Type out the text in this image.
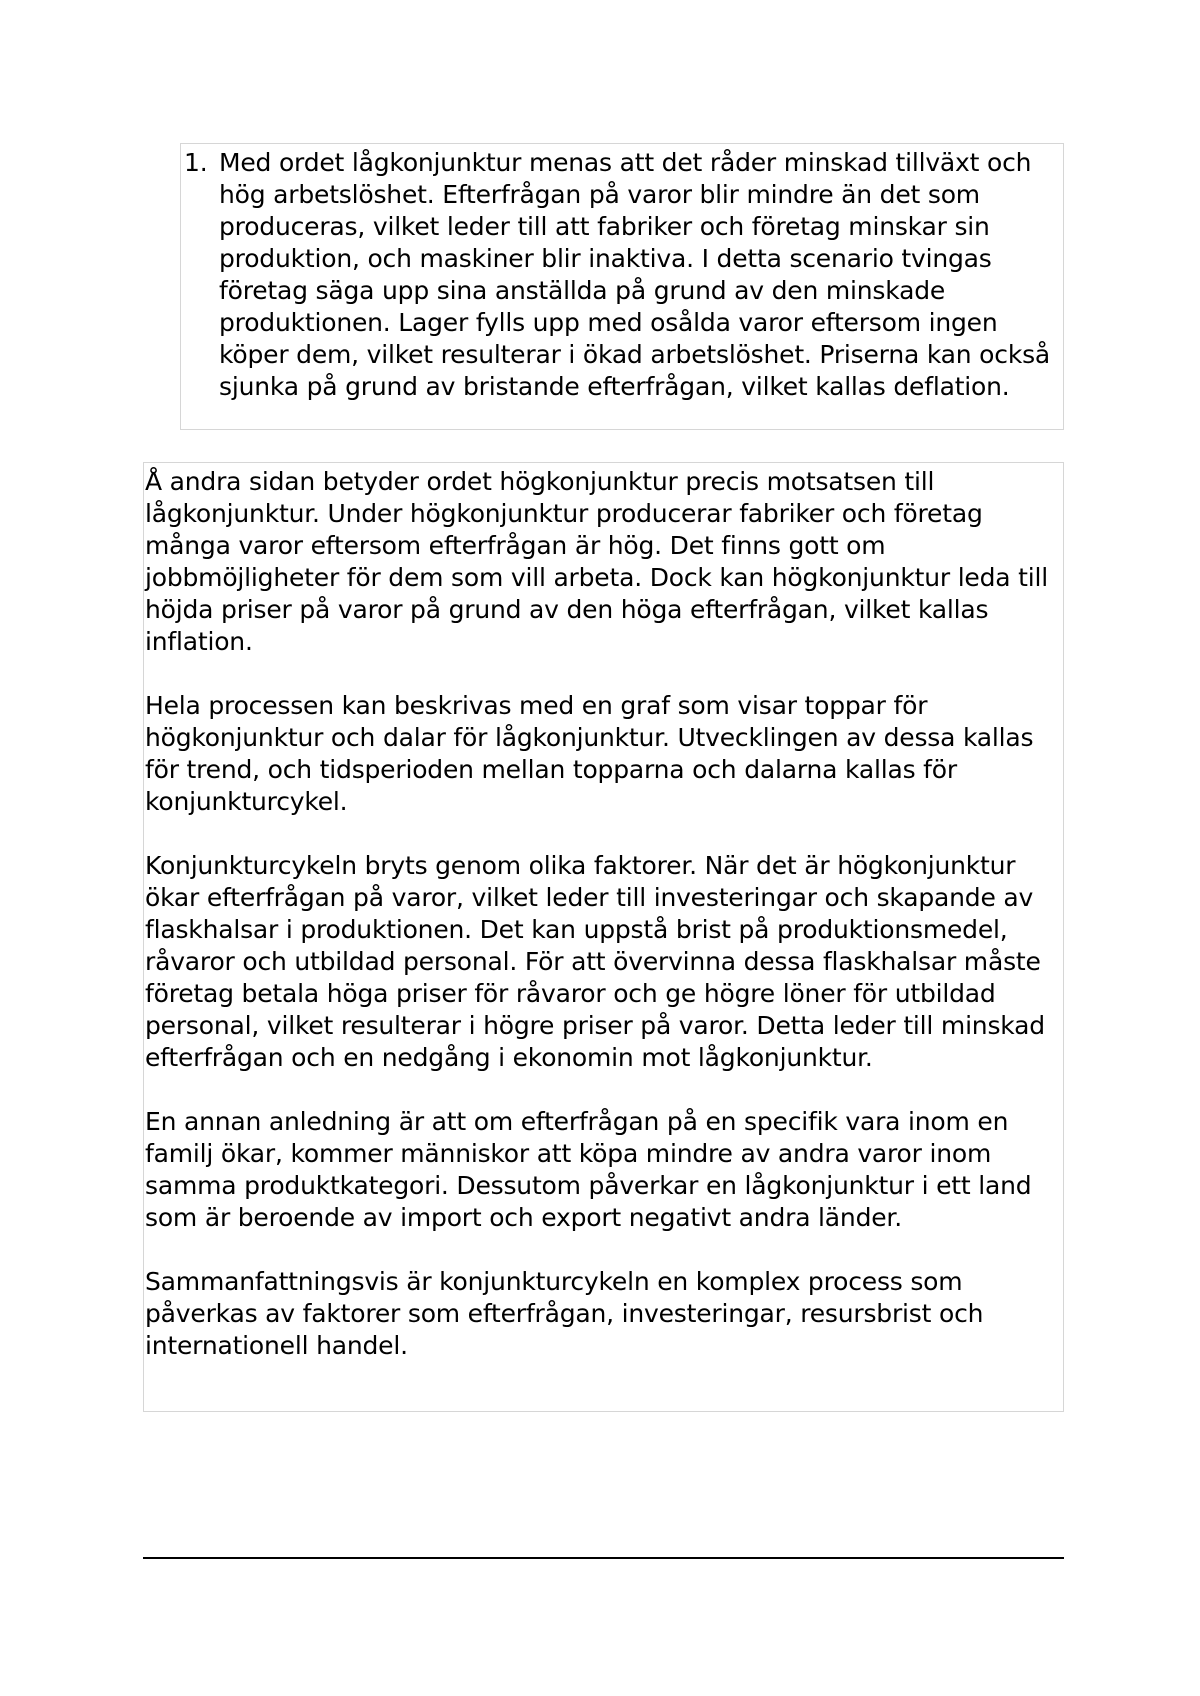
1. Med ordet lågkonjunktur menas att det råder minskad tillväxt och hög arbetslöshet. Efterfrågan på varor blir mindre än det som produceras, vilket leder till att fabriker och företag minskar sin produktion, och maskiner blir inaktiva. I detta scenario tvingas företag säga upp sina anställda på grund av den minskade produktionen. Lager fylls upp med osålda varor eftersom ingen köper dem, vilket resulterar i ökad arbetslöshet. Priserna kan också sjunka på grund av bristande efterfrågan, vilket kallas deflation.

Å andra sidan betyder ordet högkonjunktur precis motsatsen till lågkonjunktur. Under högkonjunktur producerar fabriker och företag många varor eftersom efterfrågan är hög. Det finns gott om jobbmöjligheter för dem som vill arbeta. Dock kan högkonjunktur leda till höjda priser på varor på grund av den höga efterfrågan, vilket kallas inflation.

Hela processen kan beskrivas med en graf som visar toppar för högkonjunktur och dalar för lågkonjunktur. Utvecklingen av dessa kallas för trend, och tidsperioden mellan topparna och dalarna kallas för konjunkturcykel.

Konjunkturcykeln bryts genom olika faktorer. När det är högkonjunktur ökar efterfrågan på varor, vilket leder till investeringar och skapande av flaskhalsar i produktionen. Det kan uppstå brist på produktionsmedel, råvaror och utbildad personal. För att övervinna dessa flaskhalsar måste företag betala höga priser för råvaror och ge högre löner för utbildad personal, vilket resulterar i högre priser på varor. Detta leder till minskad efterfrågan och en nedgång i ekonomin mot lågkonjunktur.

En annan anledning är att om efterfrågan på en specifik vara inom en familj ökar, kommer människor att köpa mindre av andra varor inom samma produktkategori. Dessutom påverkar en lågkonjunktur i ett land som är beroende av import och export negativt andra länder.

Sammanfattningsvis är konjunkturcykeln en komplex process som påverkas av faktorer som efterfrågan, investeringar, resursbrist och internationell handel.
